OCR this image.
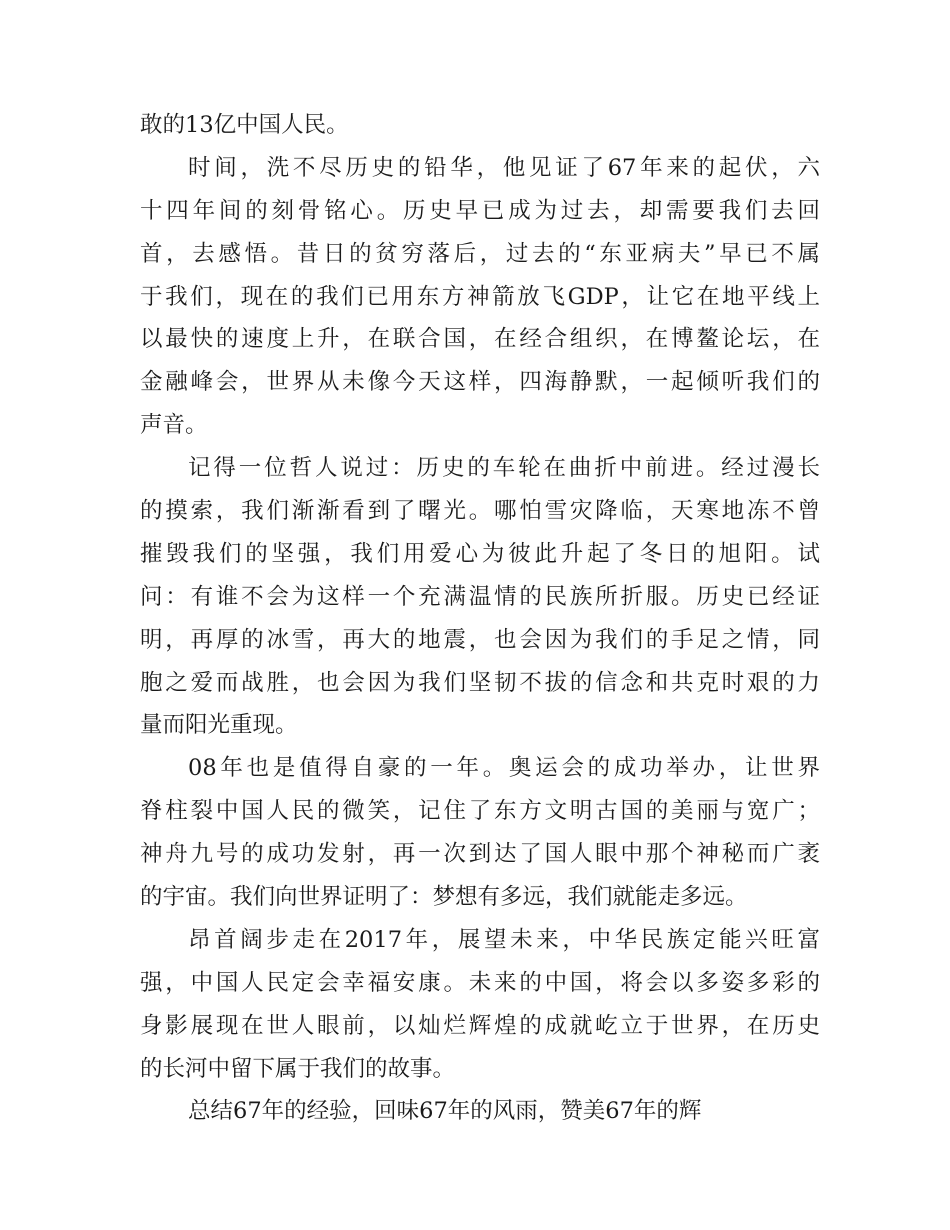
敢的13亿中国人民。
时间，洗不尽历史的铅华，他见证了67年来的起伏，六
十四年间的刻骨铭心。历史早已成为过去，却需要我们去回
首，去感悟。昔日的贫穷落后，过去的“东亚病夫”早已不属
于我们，现在的我们已用东方神箭放飞GDP，让它在地平线上
以最快的速度上升，在联合国，在经合组织，在博鳌论坛，在
金融峰会，世界从未像今天这样，四海静默，一起倾听我们的
声音。
记得一位哲人说过：历史的车轮在曲折中前进。经过漫长
的摸索，我们渐渐看到了曙光。哪怕雪灾降临，天寒地冻不曾
摧毁我们的坚强，我们用爱心为彼此升起了冬日的旭阳。试
问：有谁不会为这样一个充满温情的民族所折服。历史已经证
明，再厚的冰雪，再大的地震，也会因为我们的手足之情，同
胞之爱而战胜，也会因为我们坚韧不拔的信念和共克时艰的力
量而阳光重现。
08年也是值得自豪的一年。奥运会的成功举办，让世界
脊柱裂中国人民的微笑，记住了东方文明古国的美丽与宽广；
神舟九号的成功发射，再一次到达了国人眼中那个神秘而广袤
的宇宙。我们向世界证明了：梦想有多远，我们就能走多远。
昂首阔步走在2017年，展望未来，中华民族定能兴旺富
强，中国人民定会幸福安康。未来的中国，将会以多姿多彩的
身影展现在世人眼前，以灿烂辉煌的成就屹立于世界，在历史
的长河中留下属于我们的故事。
总结67年的经验，回味67年的风雨，赞美67年的辉
